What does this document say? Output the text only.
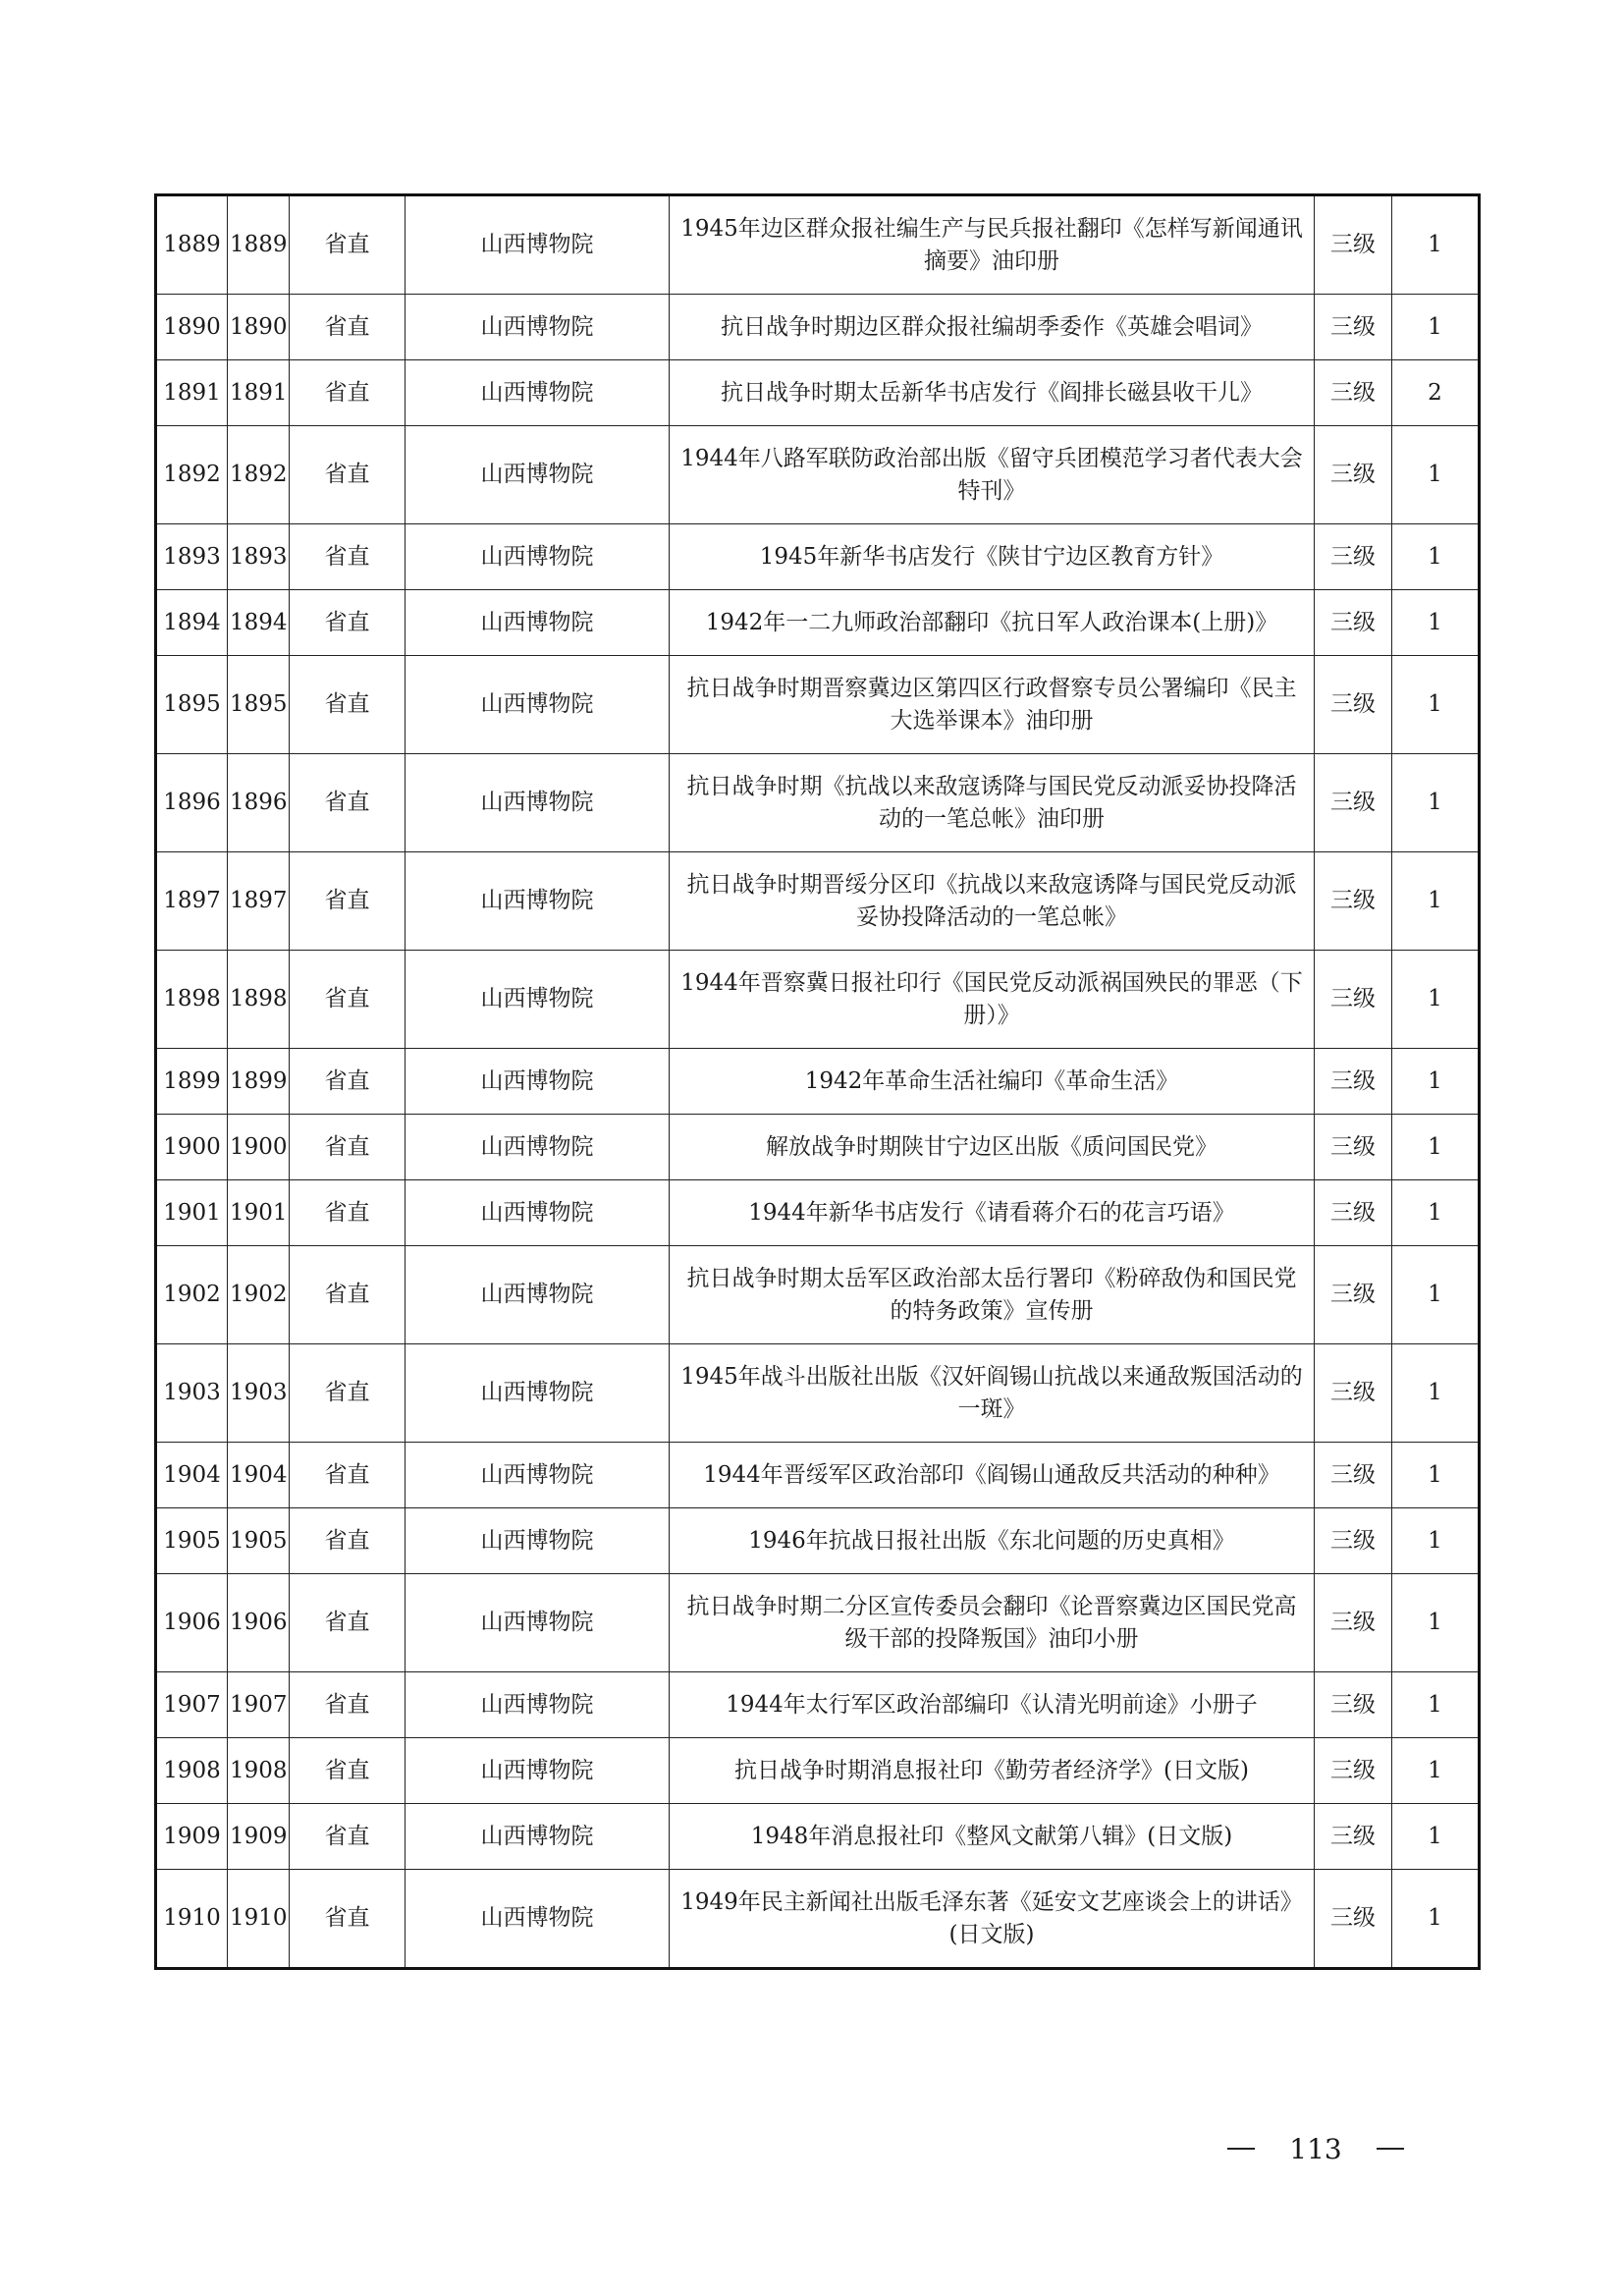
1889	1889	省直	山西博物院	1945年边区群众报社编生产与民兵报社翻印《怎样写新闻通讯摘要》油印册	三级	1
1890	1890	省直	山西博物院	抗日战争时期边区群众报社编胡季委作《英雄会唱词》	三级	1
1891	1891	省直	山西博物院	抗日战争时期太岳新华书店发行《阎排长磁县收干儿》	三级	2
1892	1892	省直	山西博物院	1944年八路军联防政治部出版《留守兵团模范学习者代表大会特刊》	三级	1
1893	1893	省直	山西博物院	1945年新华书店发行《陕甘宁边区教育方针》	三级	1
1894	1894	省直	山西博物院	1942年一二九师政治部翻印《抗日军人政治课本(上册)》	三级	1
1895	1895	省直	山西博物院	抗日战争时期晋察冀边区第四区行政督察专员公署编印《民主大选举课本》油印册	三级	1
1896	1896	省直	山西博物院	抗日战争时期《抗战以来敌寇诱降与国民党反动派妥协投降活动的一笔总帐》油印册	三级	1
1897	1897	省直	山西博物院	抗日战争时期晋绥分区印《抗战以来敌寇诱降与国民党反动派妥协投降活动的一笔总帐》	三级	1
1898	1898	省直	山西博物院	1944年晋察冀日报社印行《国民党反动派祸国殃民的罪恶（下册）》	三级	1
1899	1899	省直	山西博物院	1942年革命生活社编印《革命生活》	三级	1
1900	1900	省直	山西博物院	解放战争时期陕甘宁边区出版《质问国民党》	三级	1
1901	1901	省直	山西博物院	1944年新华书店发行《请看蒋介石的花言巧语》	三级	1
1902	1902	省直	山西博物院	抗日战争时期太岳军区政治部太岳行署印《粉碎敌伪和国民党的特务政策》宣传册	三级	1
1903	1903	省直	山西博物院	1945年战斗出版社出版《汉奸阎锡山抗战以来通敌叛国活动的一斑》	三级	1
1904	1904	省直	山西博物院	1944年晋绥军区政治部印《阎锡山通敌反共活动的种种》	三级	1
1905	1905	省直	山西博物院	1946年抗战日报社出版《东北问题的历史真相》	三级	1
1906	1906	省直	山西博物院	抗日战争时期二分区宣传委员会翻印《论晋察冀边区国民党高级干部的投降叛国》油印小册	三级	1
1907	1907	省直	山西博物院	1944年太行军区政治部编印《认清光明前途》小册子	三级	1
1908	1908	省直	山西博物院	抗日战争时期消息报社印《勤劳者经济学》(日文版)	三级	1
1909	1909	省直	山西博物院	1948年消息报社印《整风文献第八辑》(日文版)	三级	1
1910	1910	省直	山西博物院	1949年民主新闻社出版毛泽东著《延安文艺座谈会上的讲话》(日文版)	三级	1
113
